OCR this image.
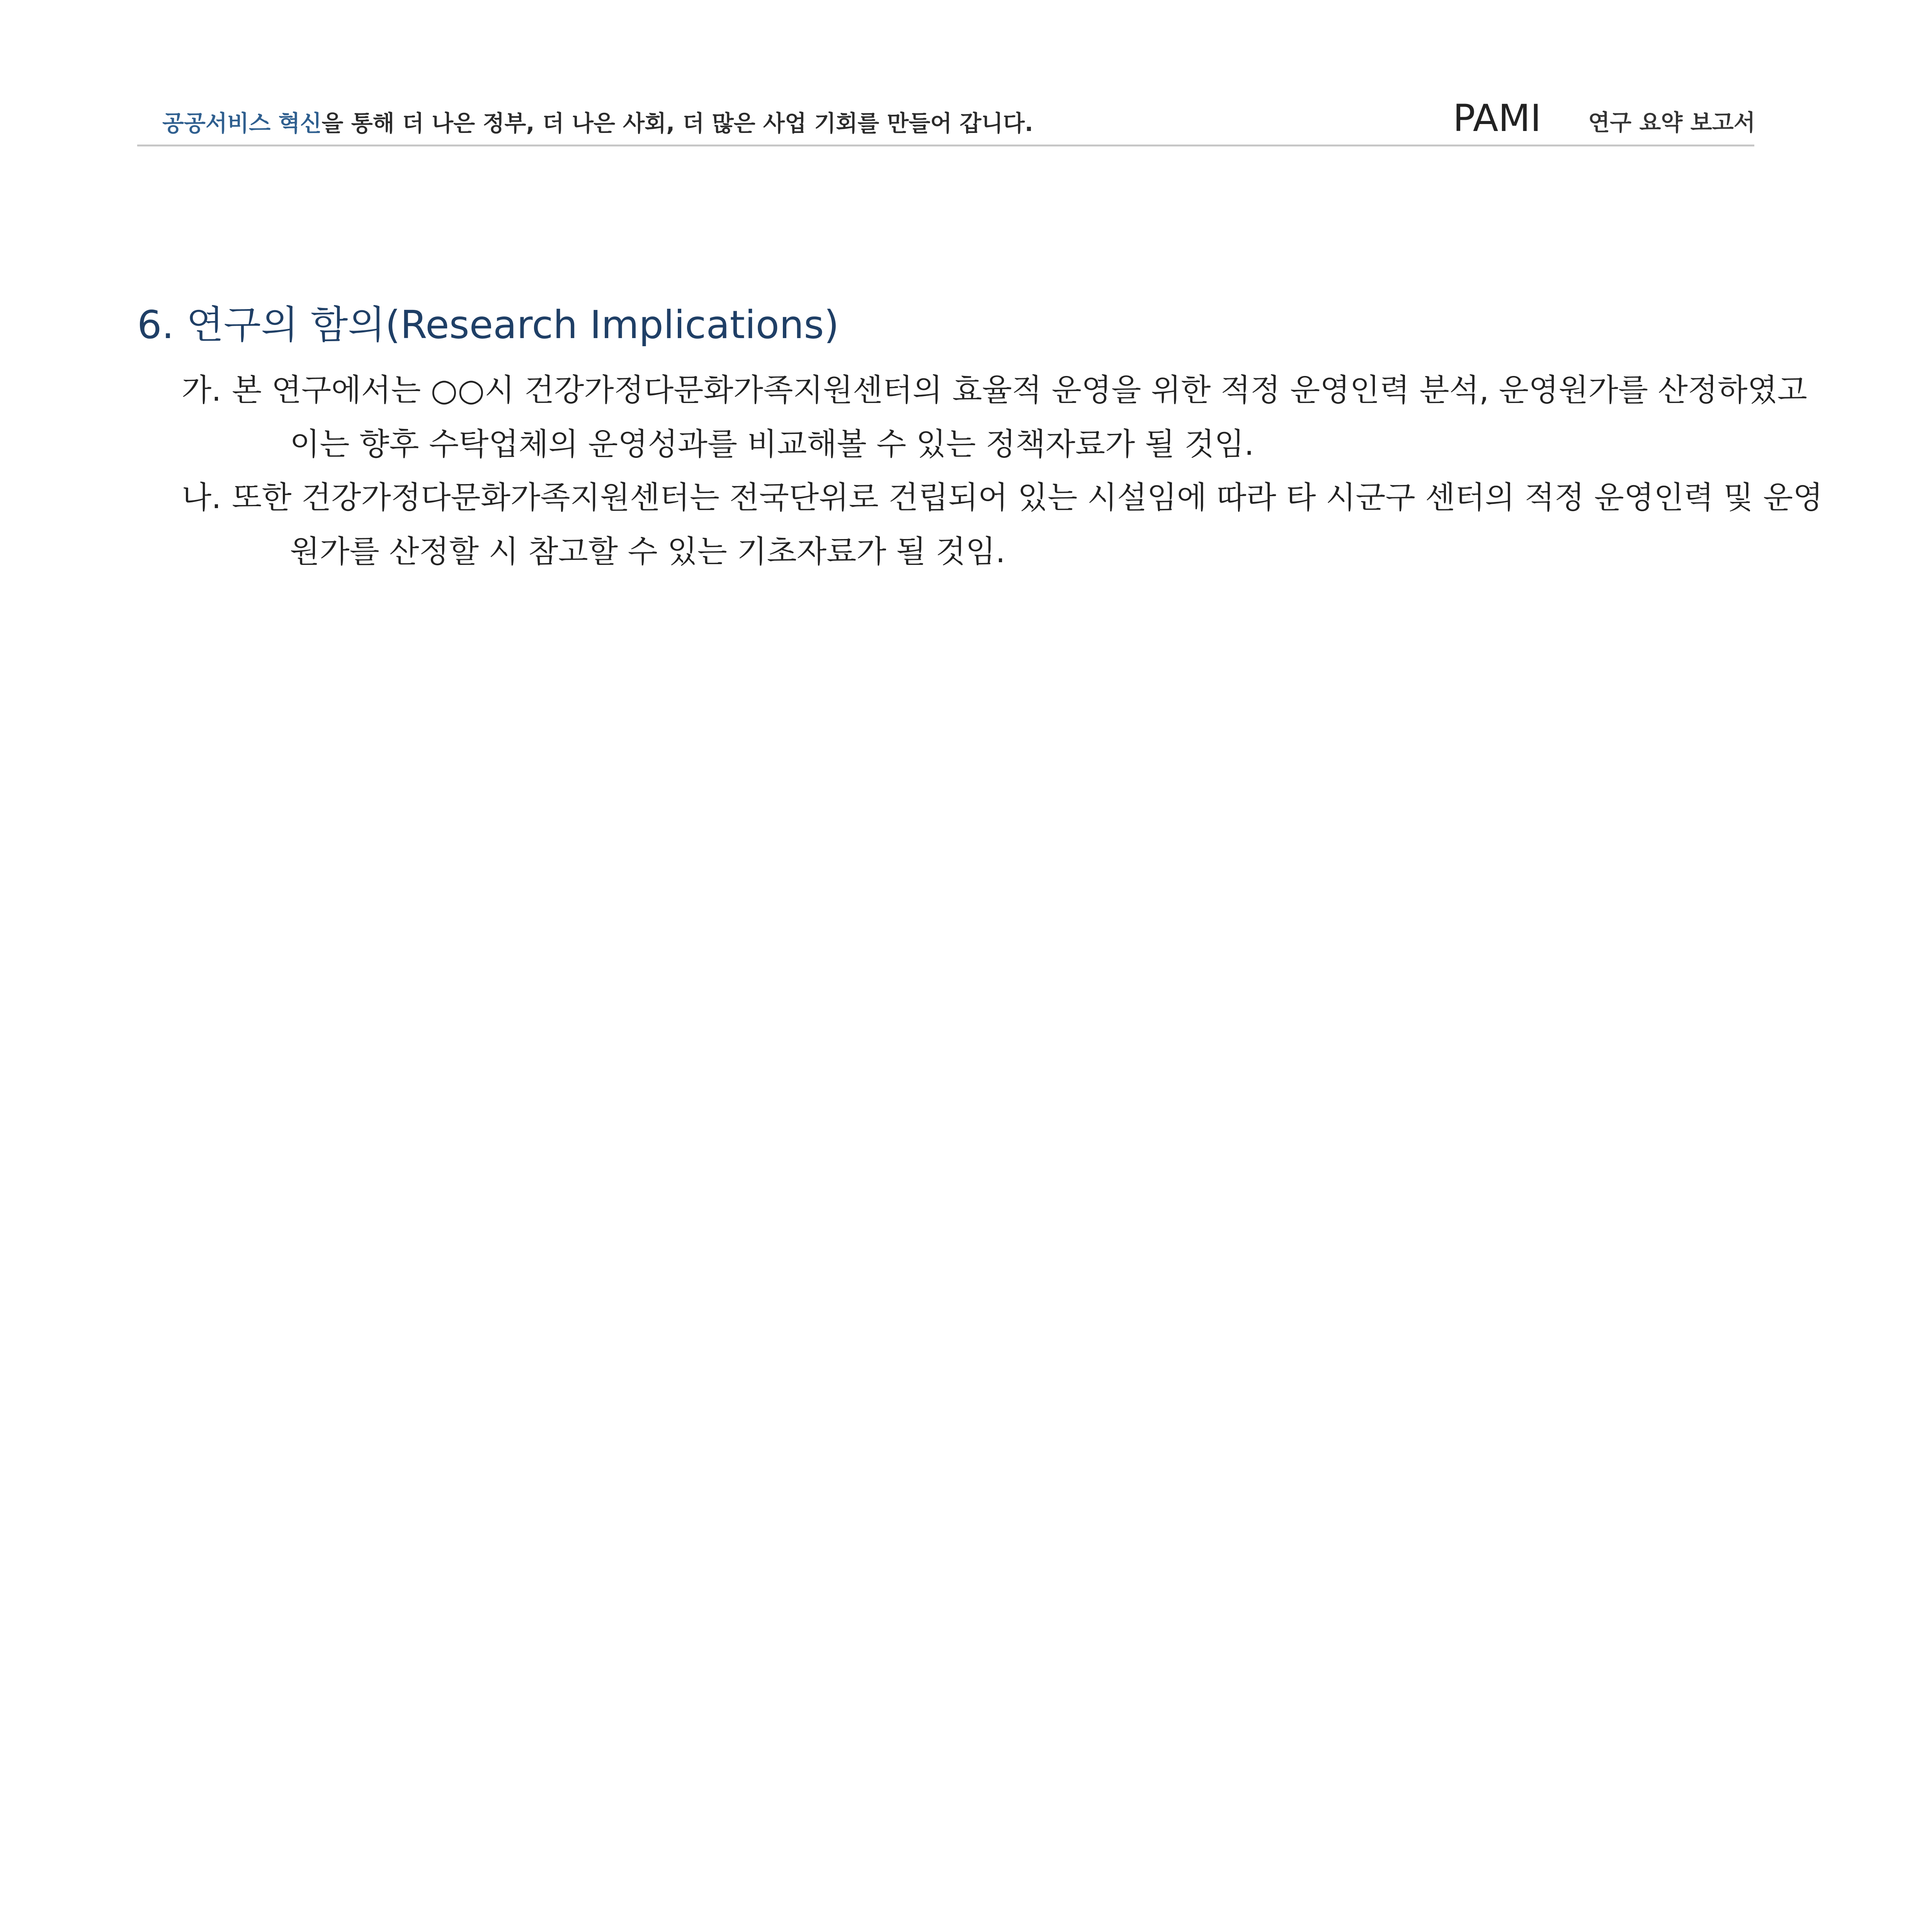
공공서비스 혁신을 통해 더 나은 정부, 더 나은 사회, 더 많은 사업 기회를 만들어 갑니다.	PAMI 연구 요약 보고서
6. 연구의 함의(Research Implications)
가. 본 연구에서는 ○○시 건강가정다문화가족지원센터의 효율적 운영을 위한 적정 운영인력 분석, 운영원가를 산정하였고
이는 향후 수탁업체의 운영성과를 비교해볼 수 있는 정책자료가 될 것임.
나. 또한 건강가정다문화가족지원센터는 전국단위로 건립되어 있는 시설임에 따라 타 시군구 센터의 적정 운영인력 및 운영
원가를 산정할 시 참고할 수 있는 기초자료가 될 것임.
